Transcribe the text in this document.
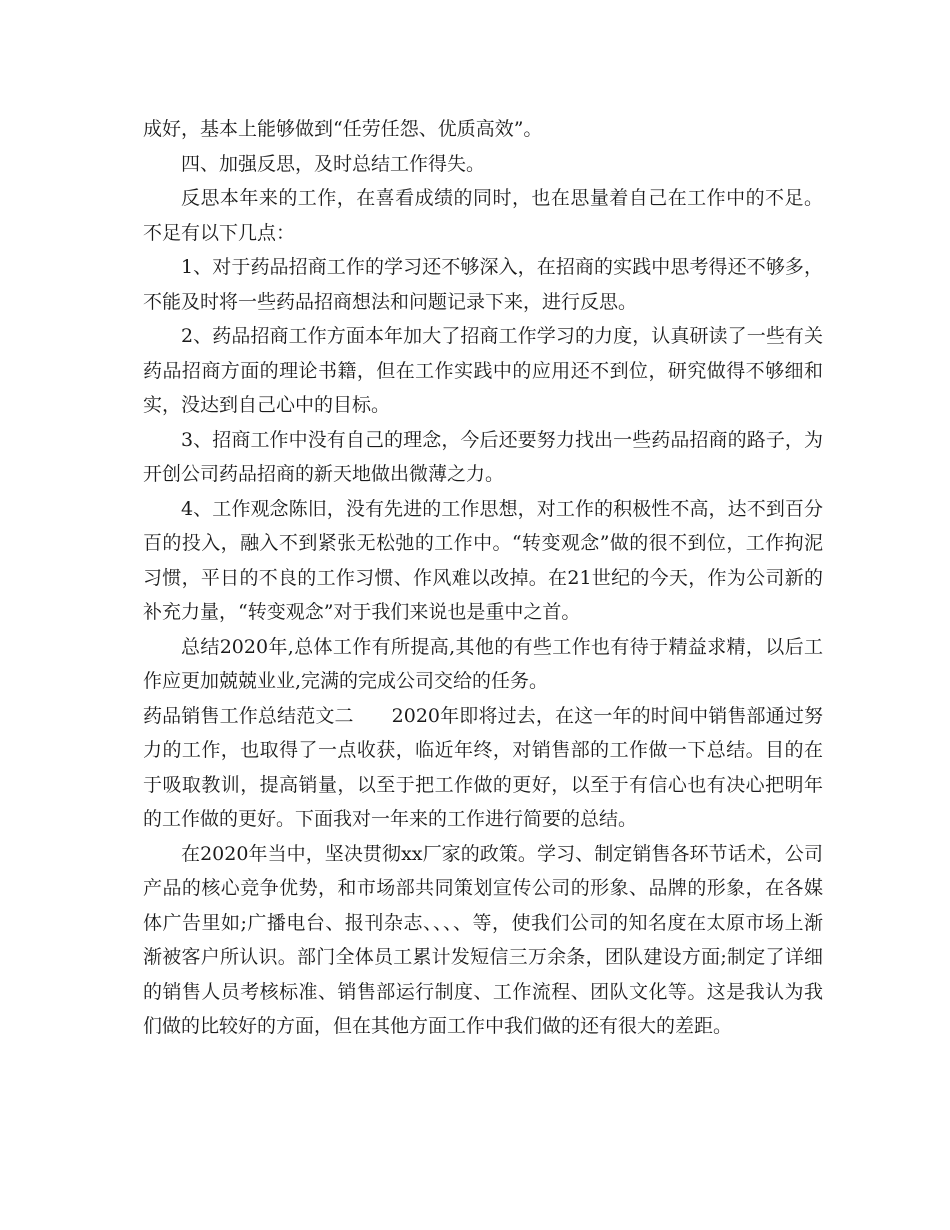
成好，基本上能够做到“任劳任怨、优质高效”。

四、加强反思，及时总结工作得失。

反思本年来的工作，在喜看成绩的同时，也在思量着自己在工作中的不足。不足有以下几点：

1、对于药品招商工作的学习还不够深入，在招商的实践中思考得还不够多，不能及时将一些药品招商想法和问题记录下来，进行反思。

2、药品招商工作方面本年加大了招商工作学习的力度，认真研读了一些有关药品招商方面的理论书籍，但在工作实践中的应用还不到位，研究做得不够细和实，没达到自己心中的目标。

3、招商工作中没有自己的理念，今后还要努力找出一些药品招商的路子，为开创公司药品招商的新天地做出微薄之力。

4、工作观念陈旧，没有先进的工作思想，对工作的积极性不高，达不到百分百的投入，融入不到紧张无松弛的工作中。“转变观念”做的很不到位，工作拘泥习惯，平日的不良的工作习惯、作风难以改掉。在21世纪的今天，作为公司新的补充力量，“转变观念”对于我们来说也是重中之首。

总结2020年,总体工作有所提高,其他的有些工作也有待于精益求精，以后工作应更加兢兢业业,完满的完成公司交给的任务。

药品销售工作总结范文二 2020年即将过去，在这一年的时间中销售部通过努力的工作，也取得了一点收获，临近年终，对销售部的工作做一下总结。目的在于吸取教训，提高销量，以至于把工作做的更好，以至于有信心也有决心把明年的工作做的更好。下面我对一年来的工作进行简要的总结。

在2020年当中，坚决贯彻xx厂家的政策。学习、制定销售各环节话术，公司产品的核心竞争优势，和市场部共同策划宣传公司的形象、品牌的形象，在各媒体广告里如;广播电台、报刊杂志、、、、等，使我们公司的知名度在太原市场上渐渐被客户所认识。部门全体员工累计发短信三万余条，团队建设方面;制定了详细的销售人员考核标准、销售部运行制度、工作流程、团队文化等。这是我认为我们做的比较好的方面，但在其他方面工作中我们做的还有很大的差距。
